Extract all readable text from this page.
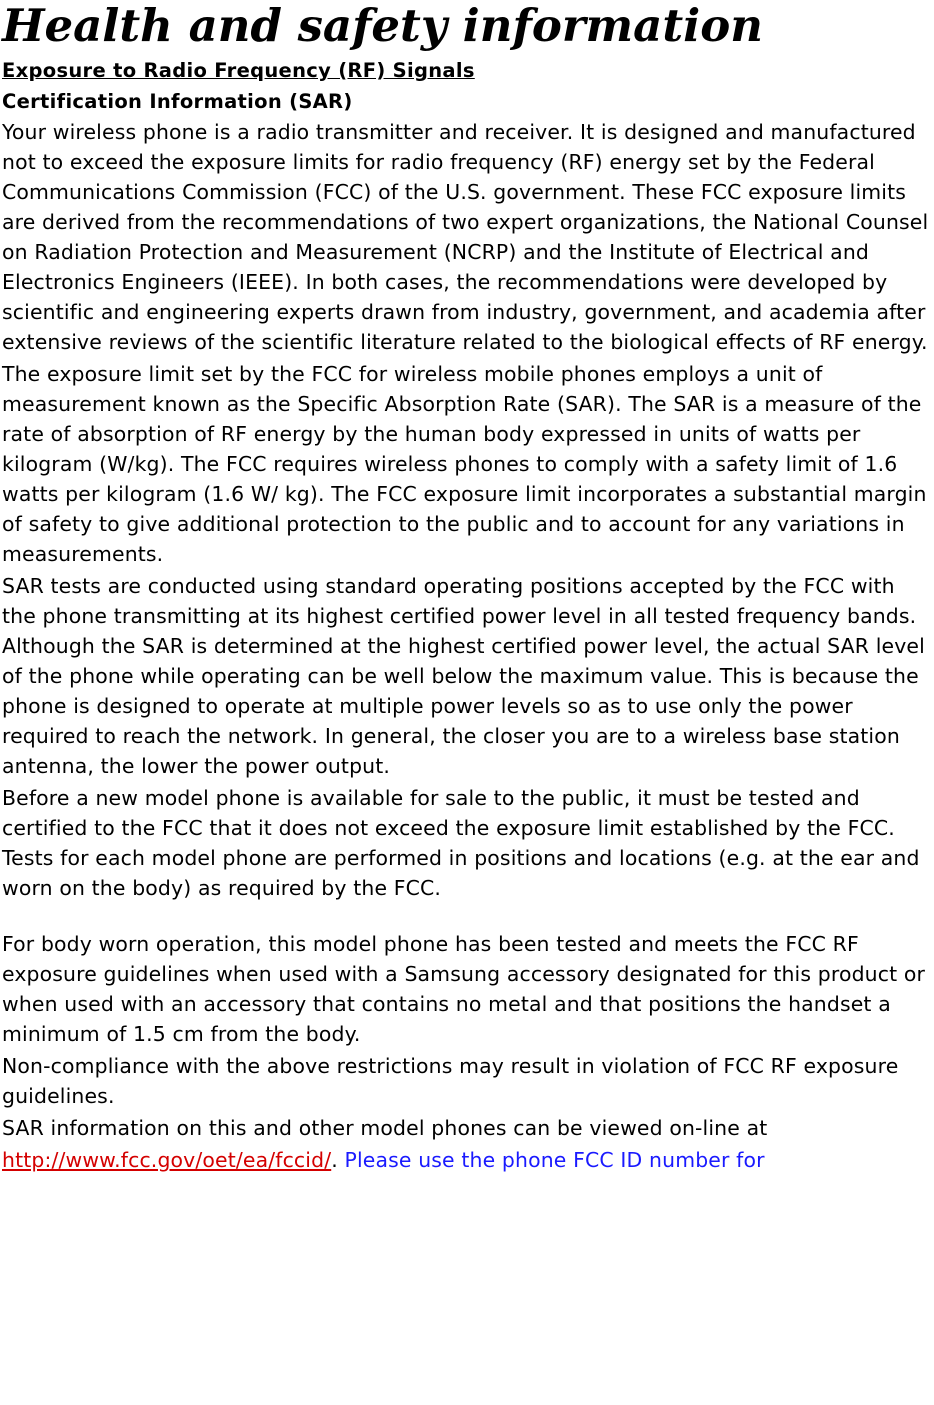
Health and safety information
Exposure to Radio Frequency (RF) Signals
Certification Information (SAR)

Your wireless phone is a radio transmitter and receiver. It is designed and manufactured not to exceed the exposure limits for radio frequency (RF) energy set by the Federal Communications Commission (FCC) of the U.S. government. These FCC exposure limits are derived from the recommendations of two expert organizations, the National Counsel on Radiation Protection and Measurement (NCRP) and the Institute of Electrical and Electronics Engineers (IEEE). In both cases, the recommendations were developed by scientific and engineering experts drawn from industry, government, and academia after extensive reviews of the scientific literature related to the biological effects of RF energy.

The exposure limit set by the FCC for wireless mobile phones employs a unit of measurement known as the Specific Absorption Rate (SAR). The SAR is a measure of the rate of absorption of RF energy by the human body expressed in units of watts per kilogram (W/kg). The FCC requires wireless phones to comply with a safety limit of 1.6 watts per kilogram (1.6 W/ kg). The FCC exposure limit incorporates a substantial margin of safety to give additional protection to the public and to account for any variations in measurements.

SAR tests are conducted using standard operating positions accepted by the FCC with the phone transmitting at its highest certified power level in all tested frequency bands. Although the SAR is determined at the highest certified power level, the actual SAR level of the phone while operating can be well below the maximum value. This is because the phone is designed to operate at multiple power levels so as to use only the power required to reach the network. In general, the closer you are to a wireless base station antenna, the lower the power output.

Before a new model phone is available for sale to the public, it must be tested and certified to the FCC that it does not exceed the exposure limit established by the FCC. Tests for each model phone are performed in positions and locations (e.g. at the ear and worn on the body) as required by the FCC.

For body worn operation, this model phone has been tested and meets the FCC RF exposure guidelines when used with a Samsung accessory designated for this product or when used with an accessory that contains no metal and that positions the handset a minimum of 1.5 cm from the body.

Non-compliance with the above restrictions may result in violation of FCC RF exposure guidelines.

SAR information on this and other model phones can be viewed on-line at

http://www.fcc.gov/oet/ea/fccid/. Please use the phone FCC ID number for
